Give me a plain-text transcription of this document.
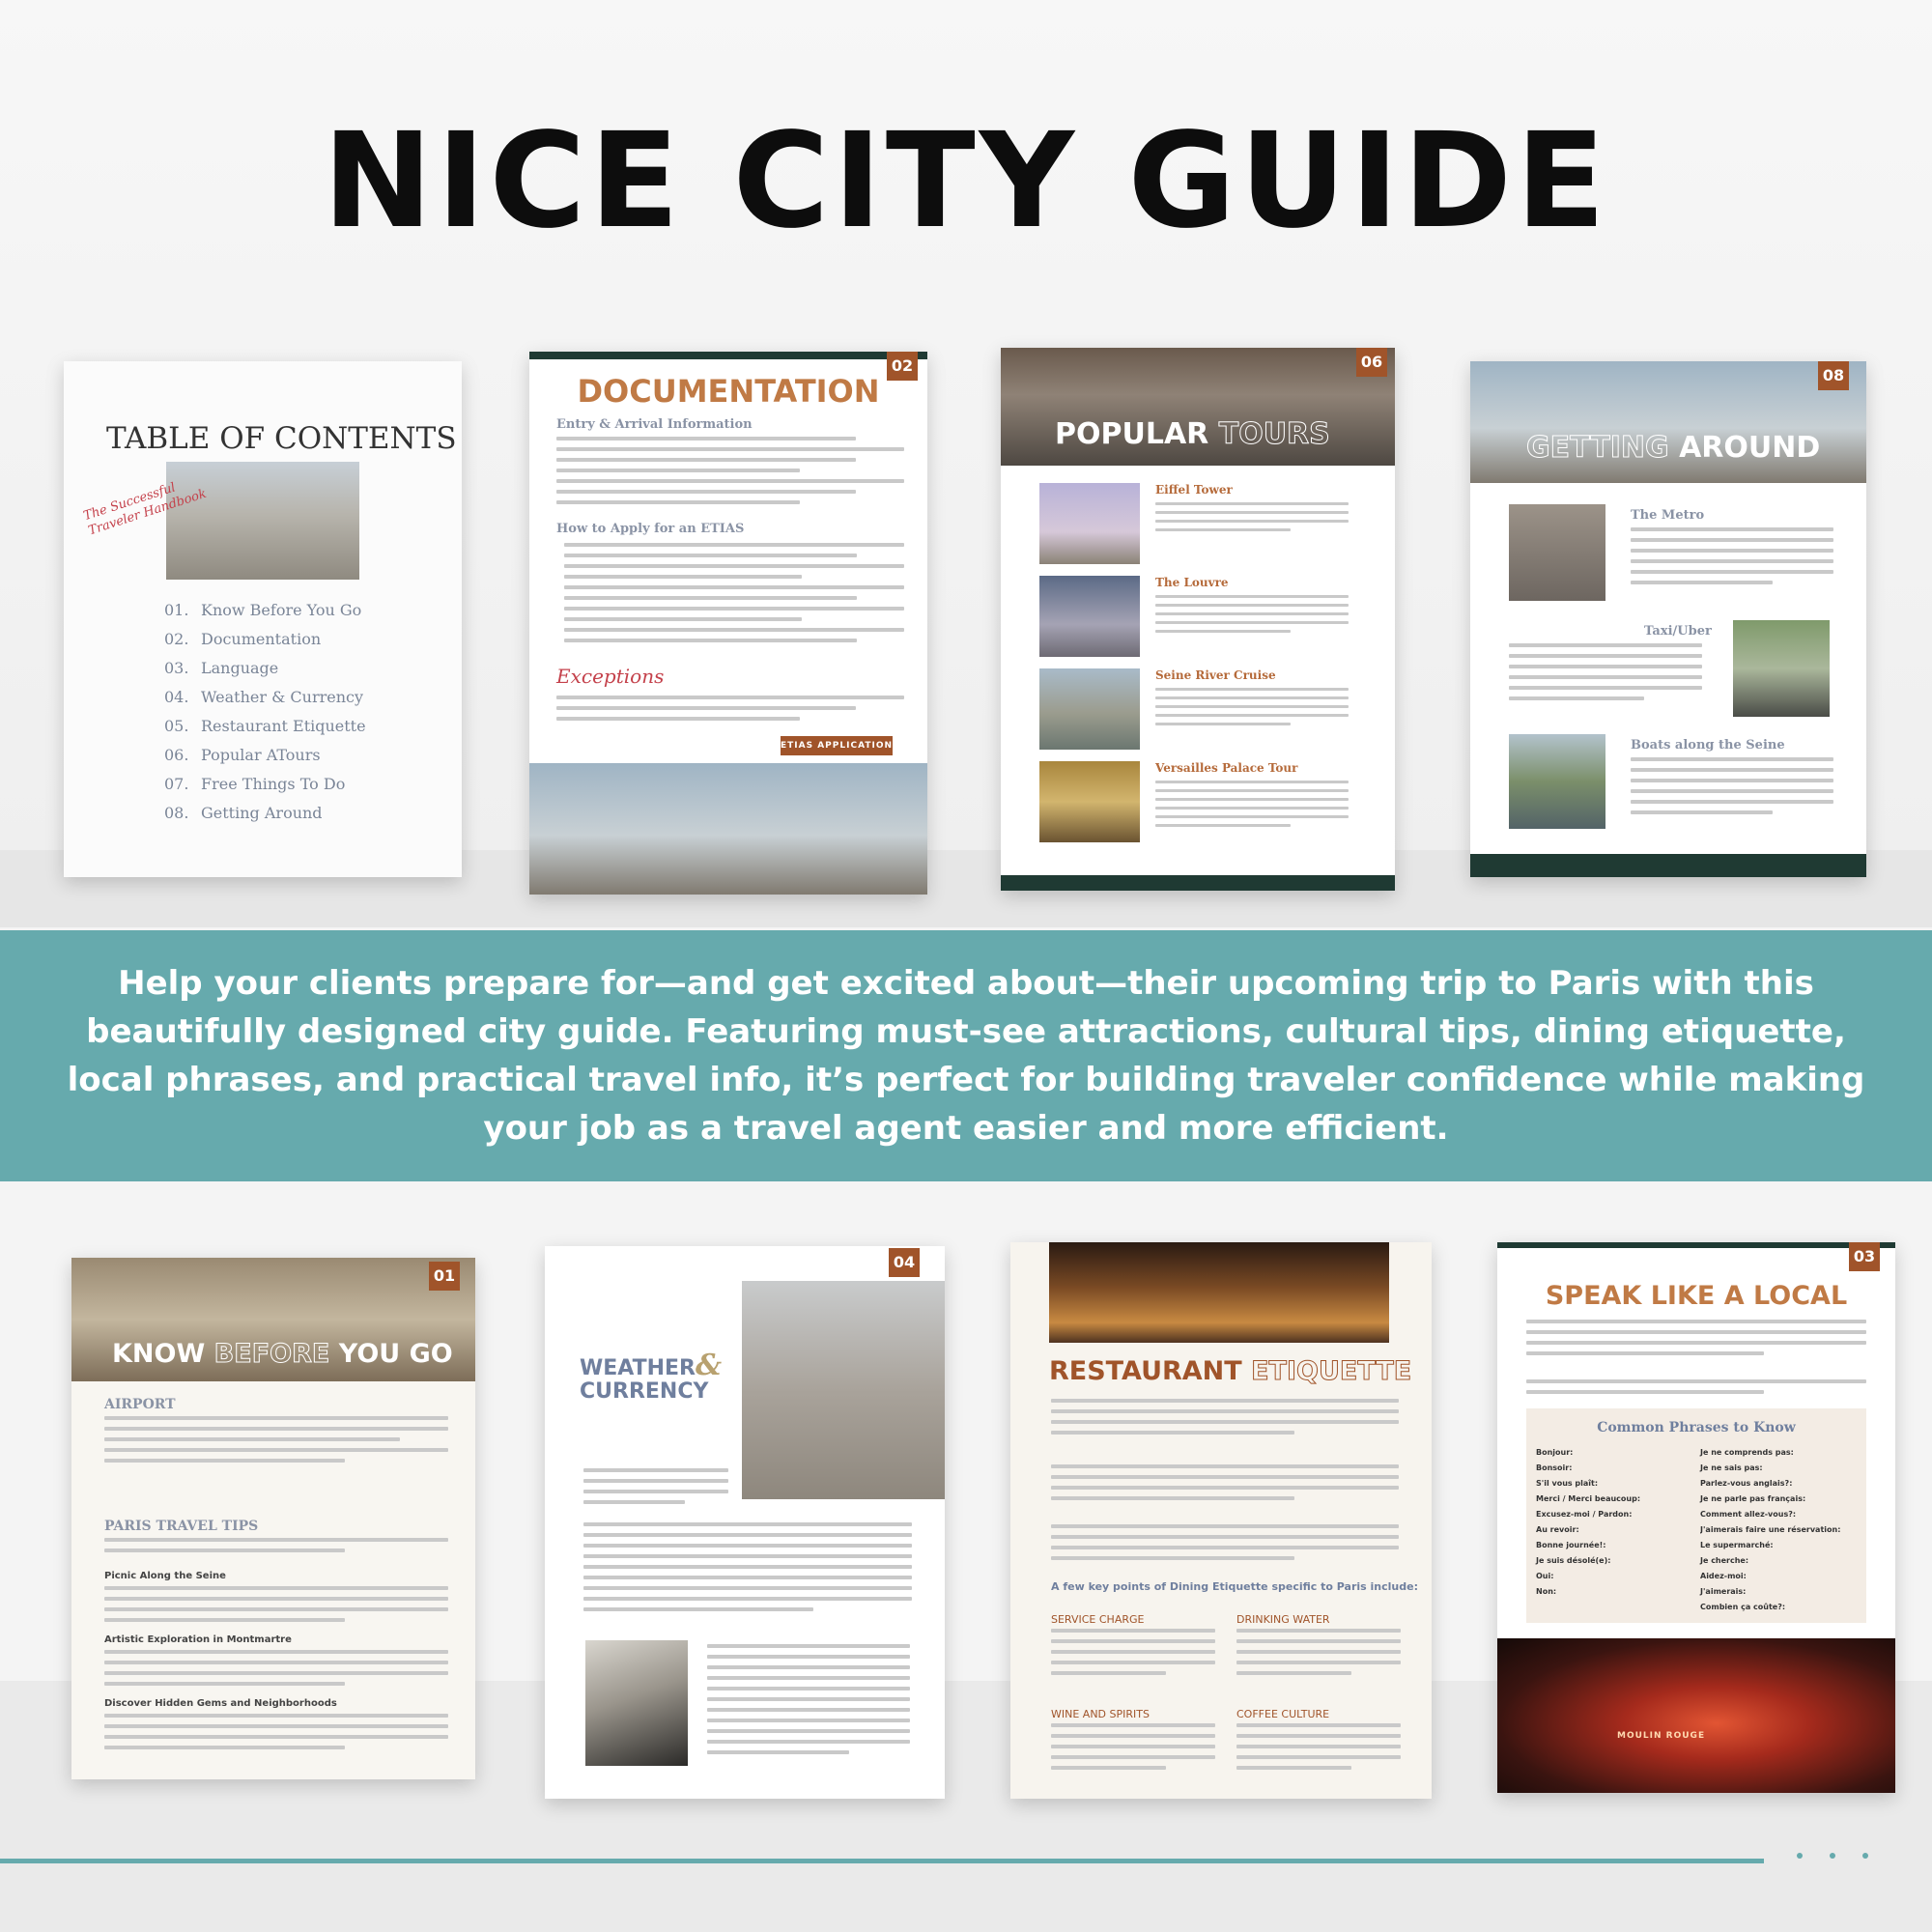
NICE CITY GUIDE
TABLE OF CONTENTS
The Successful Traveler Handbook
01. Know Before You Go
02. Documentation
03. Language
04. Weather & Currency
05. Restaurant Etiquette
06. Popular ATours
07. Free Things To Do
08. Getting Around
02
DOCUMENTATION
Entry & Arrival Information
How to Apply for an ETIAS
Exceptions
ETIAS APPLICATION
06
POPULAR TOURS
Eiffel Tower
The Louvre
Seine River Cruise
Versailles Palace Tour
08
GETTING AROUND
The Metro
Taxi/Uber
Boats along the Seine

Help your clients prepare for—and get excited about—their upcoming trip to Paris with this beautifully designed city guide. Featuring must-see attractions, cultural tips, dining etiquette, local phrases, and practical travel info, it’s perfect for building traveler confidence while making your job as a travel agent easier and more efficient.

01
KNOW BEFORE YOU GO
AIRPORT
PARIS TRAVEL TIPS
Picnic Along the Seine
Artistic Exploration in Montmartre
Discover Hidden Gems and Neighborhoods
04
WEATHER&
CURRENCY
RESTAURANT ETIQUETTE
A few key points of Dining Etiquette specific to Paris include:
SERVICE CHARGE	DRINKING WATER
WINE AND SPIRITS	COFFEE CULTURE
03
SPEAK LIKE A LOCAL
Common Phrases to Know
Bonjour:
Bonsoir:
S'il vous plaît:
Merci / Merci beaucoup:
Excusez-moi / Pardon:
Au revoir:
Bonne journée!:
Je suis désolé(e):
Oui:
Non:
Je ne comprends pas:
Je ne sais pas:
Parlez-vous anglais?:
Je ne parle pas français:
Comment allez-vous?:
J'aimerais faire une réservation:
Le supermarché:
Je cherche:
Aidez-moi:
J'aimerais:
Combien ça coûte?:
MOULIN ROUGE
